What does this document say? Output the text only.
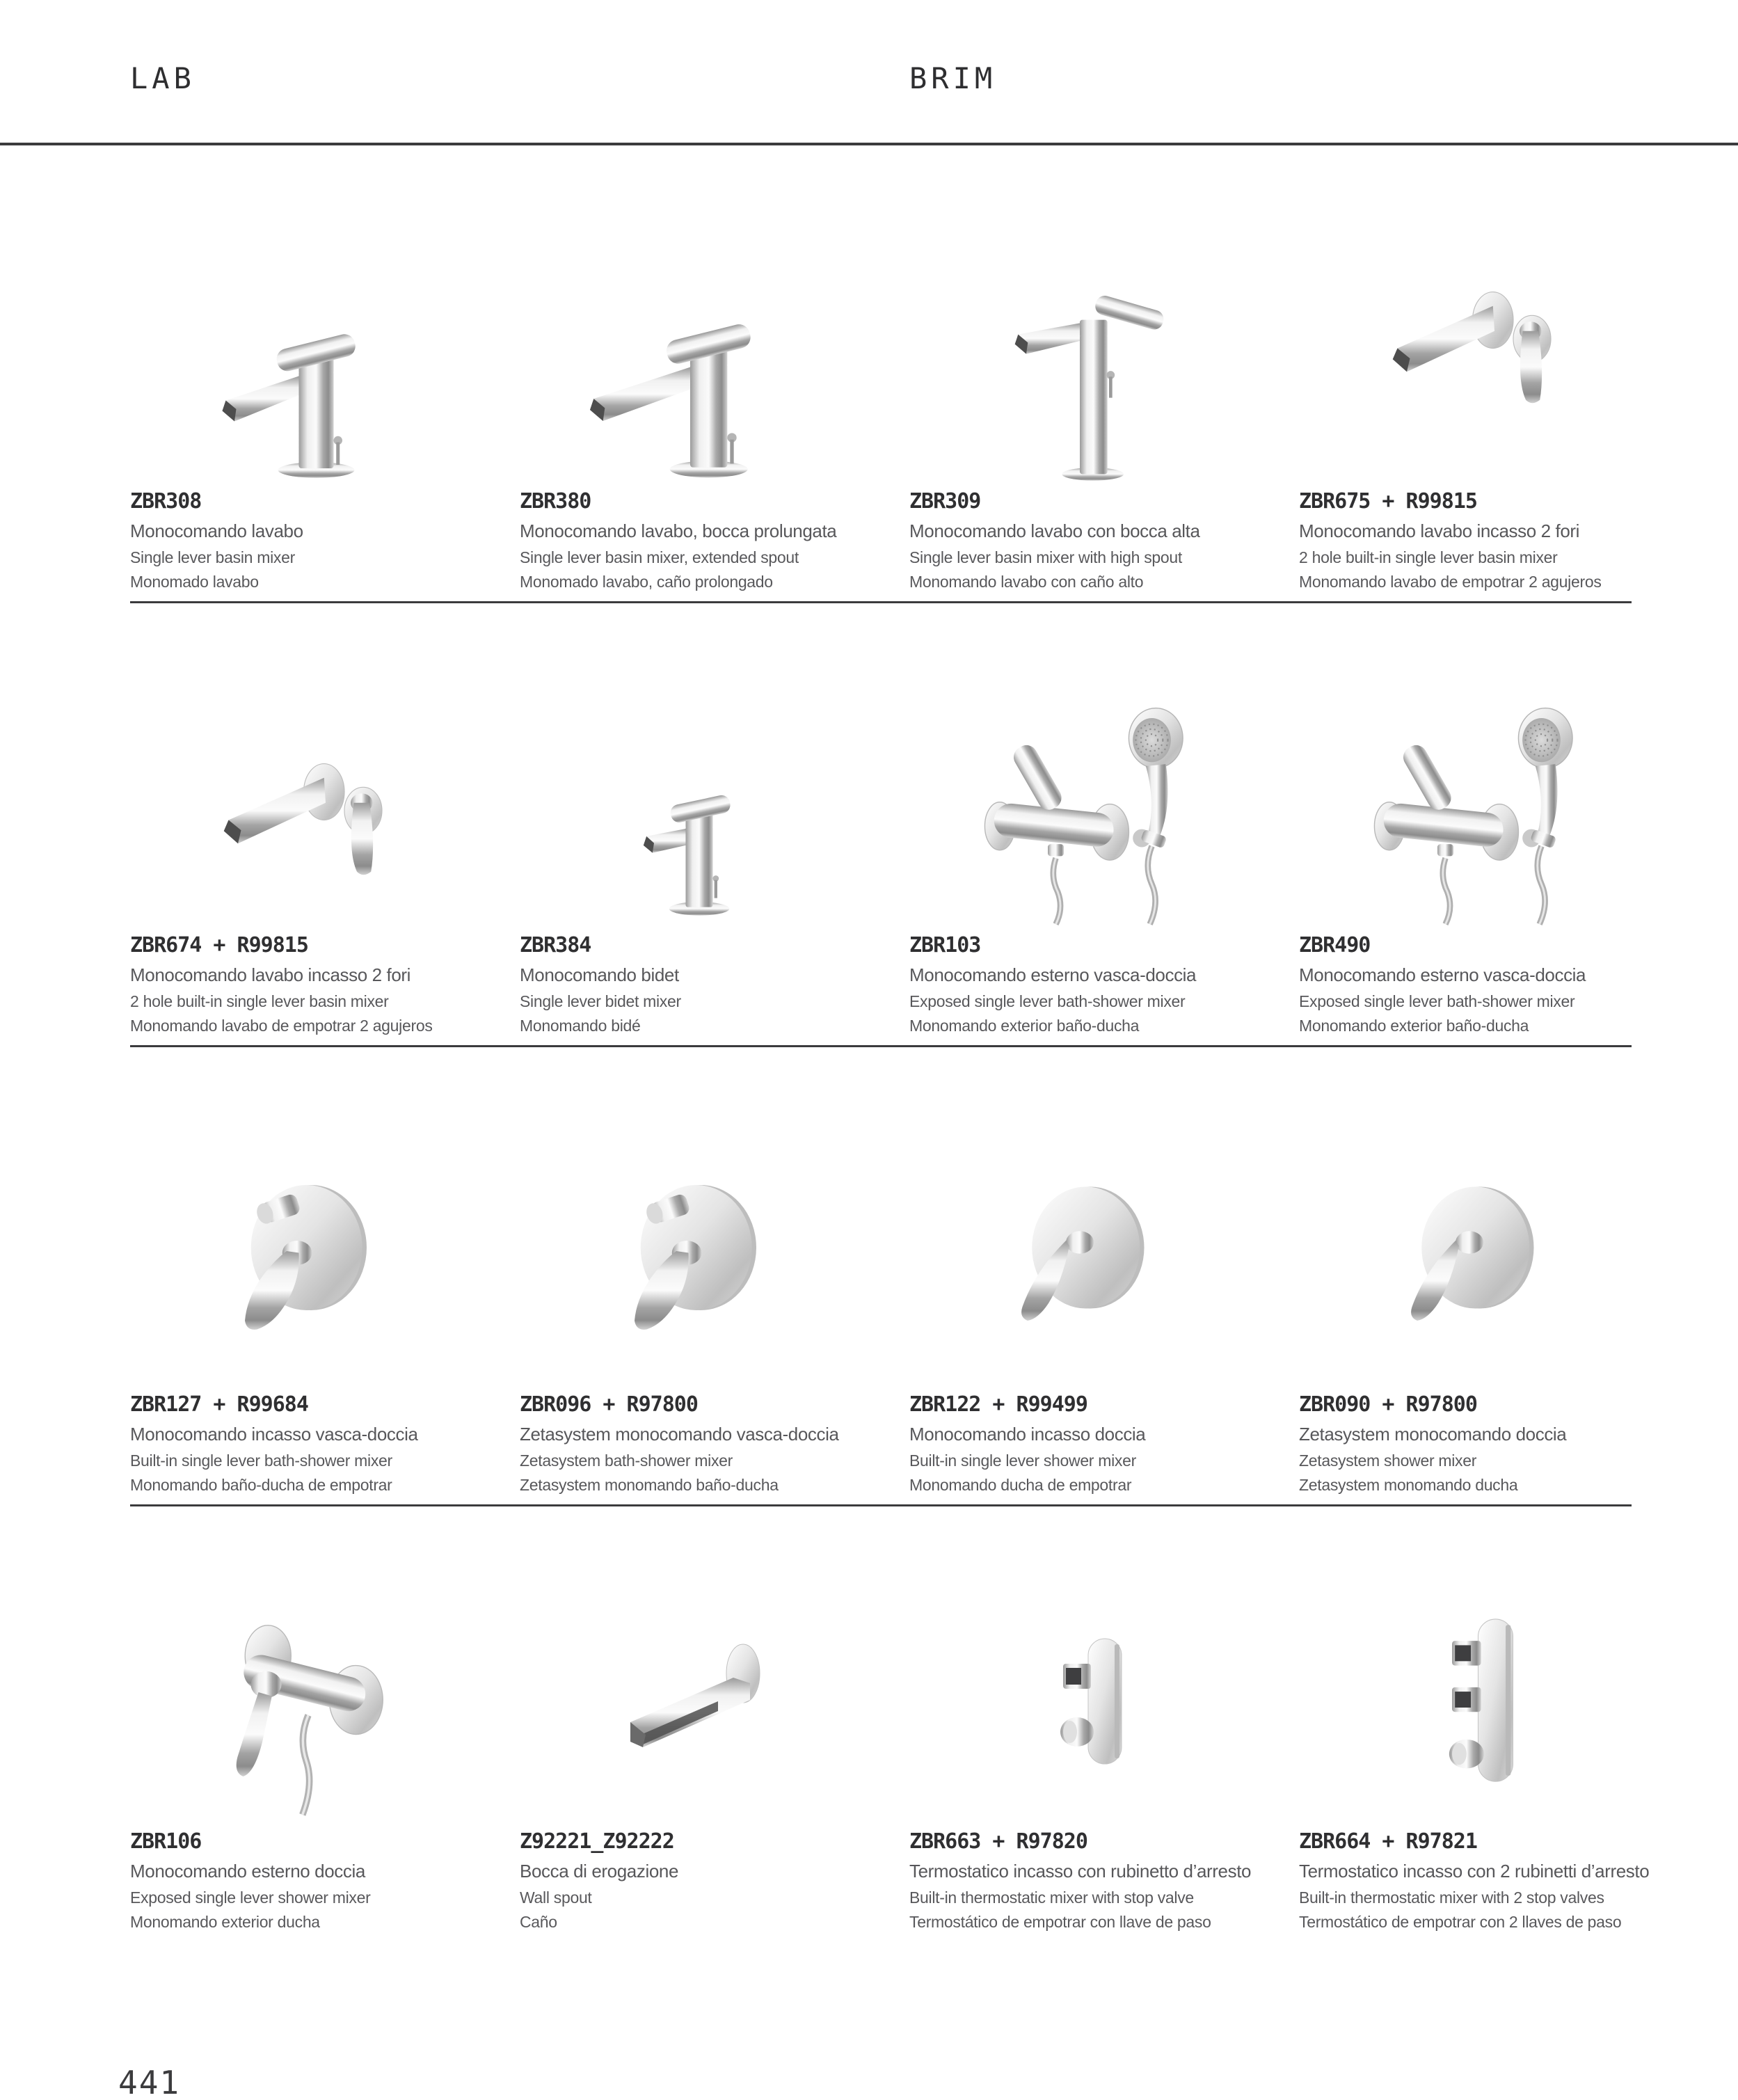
LAB	BRIM
ZBR308
Monocomando lavabo
Single lever basin mixer
Monomado lavabo
ZBR380
Monocomando lavabo, bocca prolungata
Single lever basin mixer, extended spout
Monomado lavabo, caño prolongado
ZBR309
Monocomando lavabo con bocca alta
Single lever basin mixer with high spout
Monomando lavabo con caño alto
ZBR675 + R99815
Monocomando lavabo incasso 2 fori
2 hole built-in single lever basin mixer
Monomando lavabo de empotrar 2 agujeros
ZBR674 + R99815
Monocomando lavabo incasso 2 fori
2 hole built-in single lever basin mixer
Monomando lavabo de empotrar 2 agujeros
ZBR384
Monocomando bidet
Single lever bidet mixer
Monomando bidé
ZBR103
Monocomando esterno vasca-doccia
Exposed single lever bath-shower mixer
Monomando exterior baño-ducha
ZBR490
Monocomando esterno vasca-doccia
Exposed single lever bath-shower mixer
Monomando exterior baño-ducha
ZBR127 + R99684
Monocomando incasso vasca-doccia
Built-in single lever bath-shower mixer
Monomando baño-ducha de empotrar
ZBR096 + R97800
Zetasystem monocomando vasca-doccia
Zetasystem bath-shower mixer
Zetasystem monomando baño-ducha
ZBR122 + R99499
Monocomando incasso doccia
Built-in single lever shower mixer
Monomando ducha de empotrar
ZBR090 + R97800
Zetasystem monocomando doccia
Zetasystem shower mixer
Zetasystem monomando ducha
ZBR106
Monocomando esterno doccia
Exposed single lever shower mixer
Monomando exterior ducha
Z92221_Z92222
Bocca di erogazione
Wall spout
Caño
ZBR663 + R97820
Termostatico incasso con rubinetto d’arresto
Built-in thermostatic mixer with stop valve
Termostático de empotrar con llave de paso
ZBR664 + R97821
Termostatico incasso con 2 rubinetti d’arresto
Built-in thermostatic mixer with 2 stop valves
Termostático de empotrar con 2 llaves de paso
441
